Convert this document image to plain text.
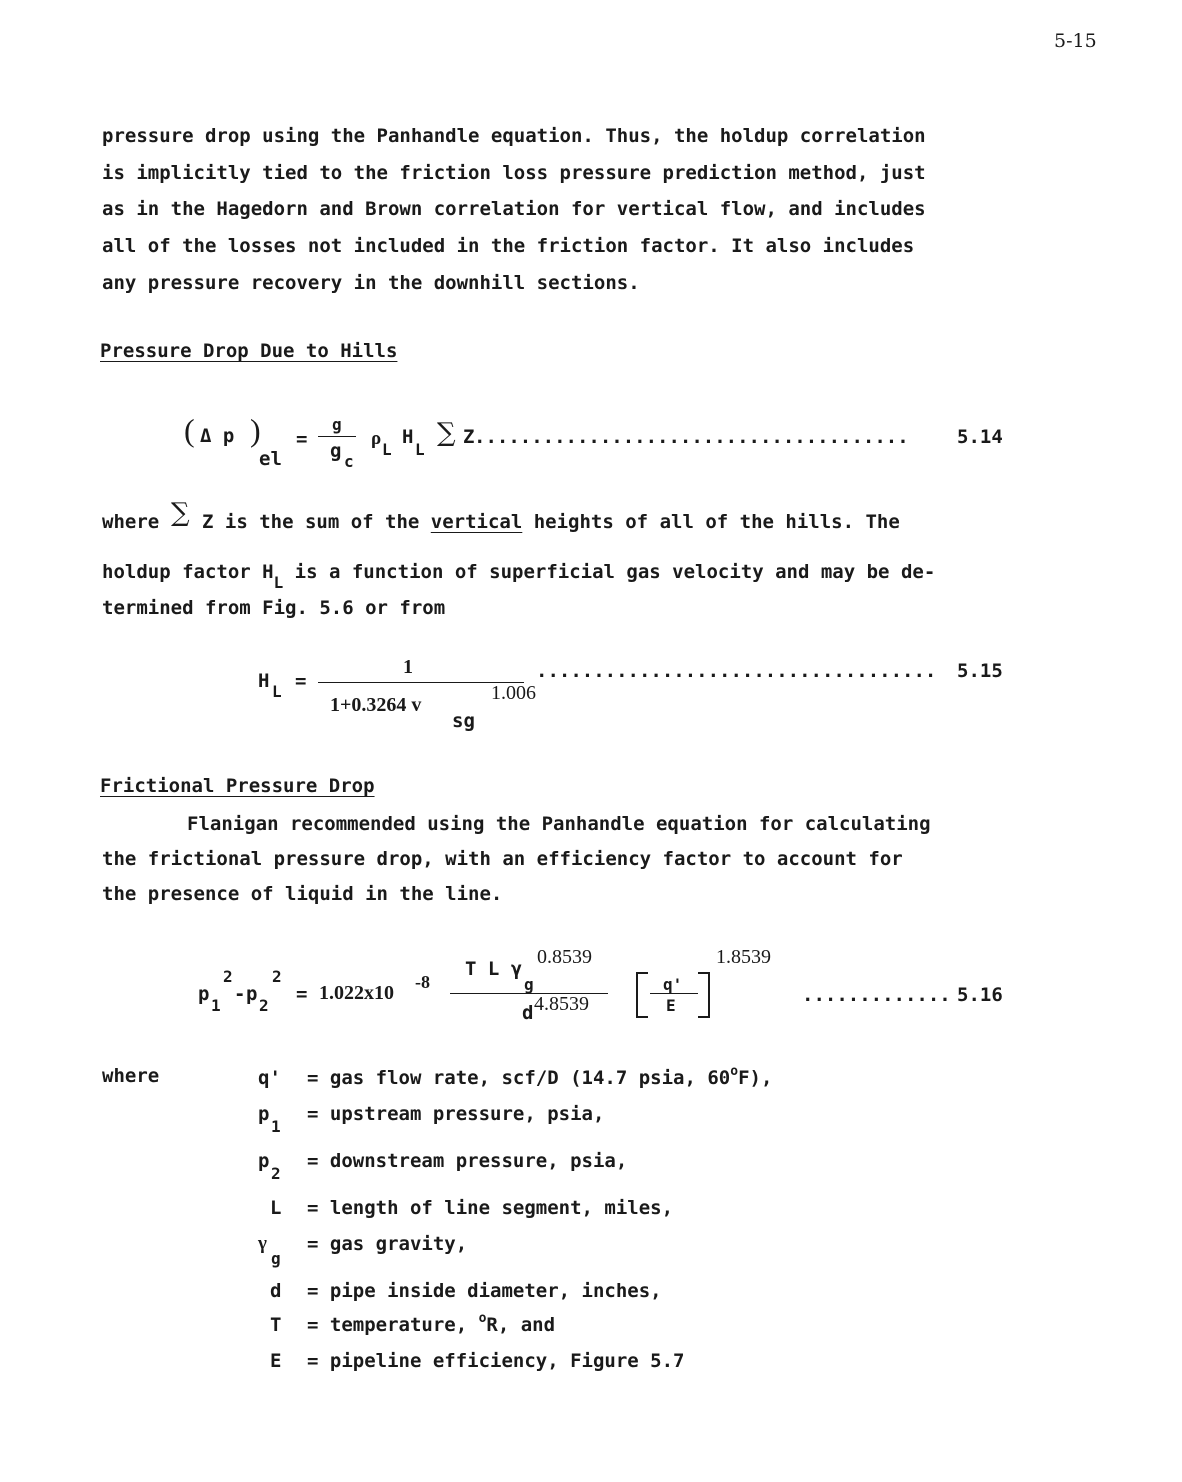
5-15
pressure drop using the Panhandle equation. Thus, the holdup correlation
is implicitly tied to the friction loss pressure prediction method, just
as in the Hagedorn and Brown correlation for vertical flow, and includes
all of the losses not included in the friction factor. It also includes
any pressure recovery in the downhill sections.
Pressure Drop Due to Hills
( Δ p )
el
=
g
g c
ρ
L
H
L
∑ Z ......................................	5.14
where ∑ Z is the sum of the vertical heights of all of the hills. The
holdup factor $H_L$ is a function of superficial gas velocity and may be de-
termined from Fig. 5.6 or from
H L =
1
1.006
1+0.3264 v
sg
................................... 5.15
Frictional Pressure Drop
Flanigan recommended using the Panhandle equation for calculating
the frictional pressure drop, with an efficiency factor to account for
the presence of liquid in the line.
p
1
2
- p
2
2
= 1.022x10 -8
T L γ
g
0.8539
d 4.8539
q'
E
1.8539
............. 5.16
where	q'	= gas flow rate, scf/D (14.7 psia, 60$^o$F),
p
1
= upstream pressure, psia,
p
2
= downstream pressure, psia,
L	= length of line segment, miles,
γ
g
= gas gravity,
d	= pipe inside diameter, inches,
T	= temperature, $^o$R, and
E	= pipeline efficiency, Figure 5.7
